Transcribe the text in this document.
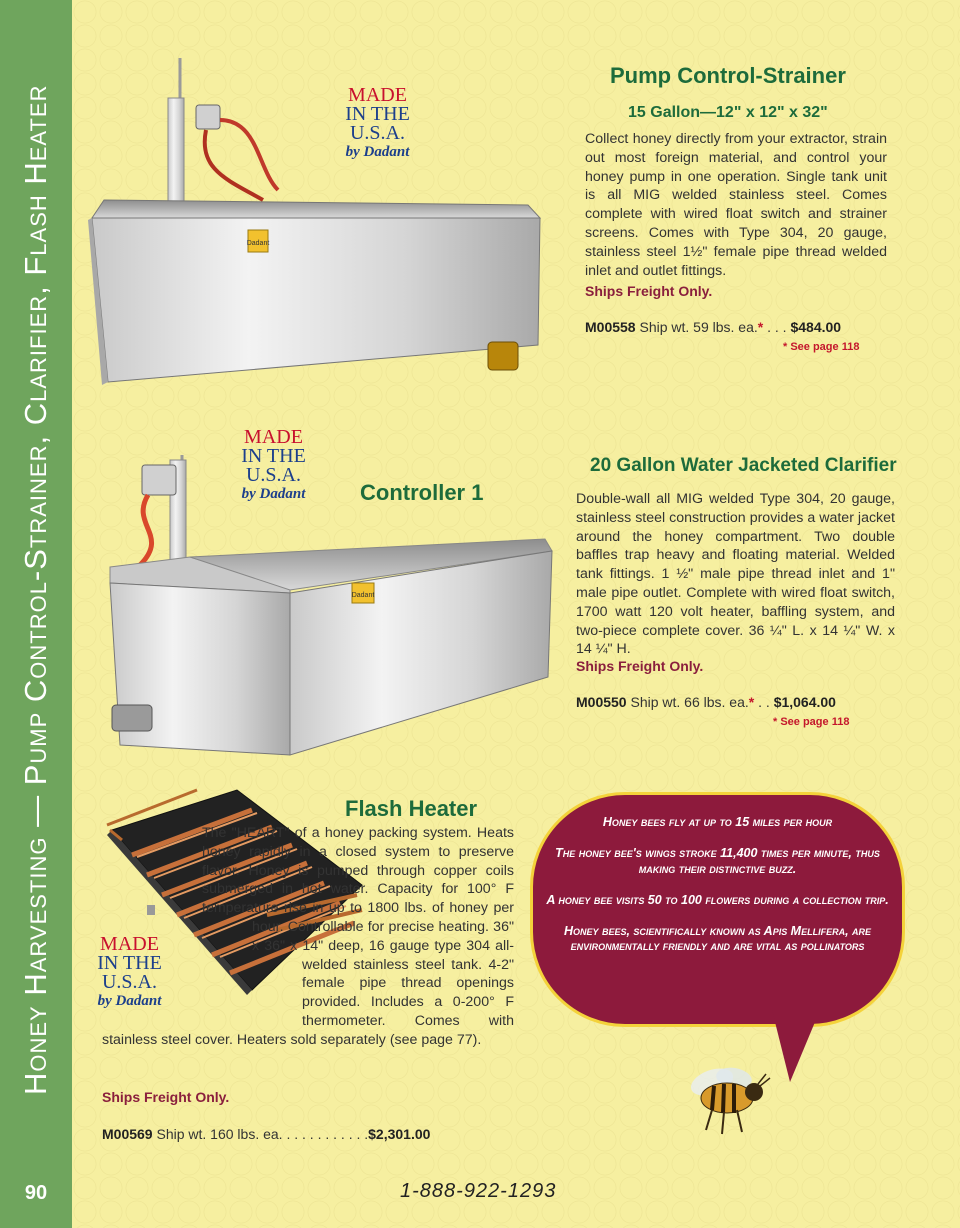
Honey Harvesting — Pump Control-Strainer, Clarifier, Flash Heater
90
Dadant
MADE
IN THE
U.S.A.
by Dadant
Pump Control-Strainer
15 Gallon—12" x 12" x 32"
Collect honey directly from your extractor, strain out most foreign material, and control your honey pump in one operation. Single tank unit is all MIG welded stainless steel. Comes complete with wired float switch and strainer screens. Comes with Type 304, 20 gauge, stainless steel 1½" female pipe thread welded inlet and outlet fittings.
Ships Freight Only.
M00558 Ship wt. 59 lbs. ea.* . . . $484.00
* See page 118
Dadant
MADE
IN THE
U.S.A.
by Dadant	Controller 1
20 Gallon Water Jacketed Clarifier
Double-wall all MIG welded Type 304, 20 gauge, stainless steel construction provides a water jacket around the honey compartment. Two double baffles trap heavy and floating material. Welded tank fittings. 1 ½" male pipe thread inlet and 1" male pipe outlet. Complete with wired float switch, 1700 watt 120 volt heater, baffling system, and two-piece complete cover. 36 ¼" L. x 14 ¼" W. x 14 ¼" H.
Ships Freight Only.
M00550 Ship wt. 66 lbs. ea.* . . $1,064.00
* See page 118
MADE
IN THE
U.S.A.
by Dadant
Flash Heater
The "HEART" of a honey packing system. Heats honey rapidly in a closed system to preserve flavor. Honey is pumped through copper coils submerged in hot water. Capacity for 100° F temperature rise in up to 1800 lbs. of honey per hour. Controllable for precise heating. 36" x 36" x 14" deep, 16 gauge type 304 all-welded stainless steel tank. 4-2" female pipe thread openings provided. Includes a 0-200° F thermometer. Comes with stainless steel cover. Heaters sold separately (see page 77).
Ships Freight Only.
M00569 Ship wt. 160 lbs. ea. . . . . . . . . . . .$2,301.00

Honey bees fly at up to 15 miles per hour

The honey bee's wings stroke 11,400 times per minute, thus making their distinctive buzz.

A honey bee visits 50 to 100 flowers during a collection trip.

Honey bees, scientifically known as Apis Mellifera, are environmentally friendly and are vital as pollinators

1-888-922-1293
